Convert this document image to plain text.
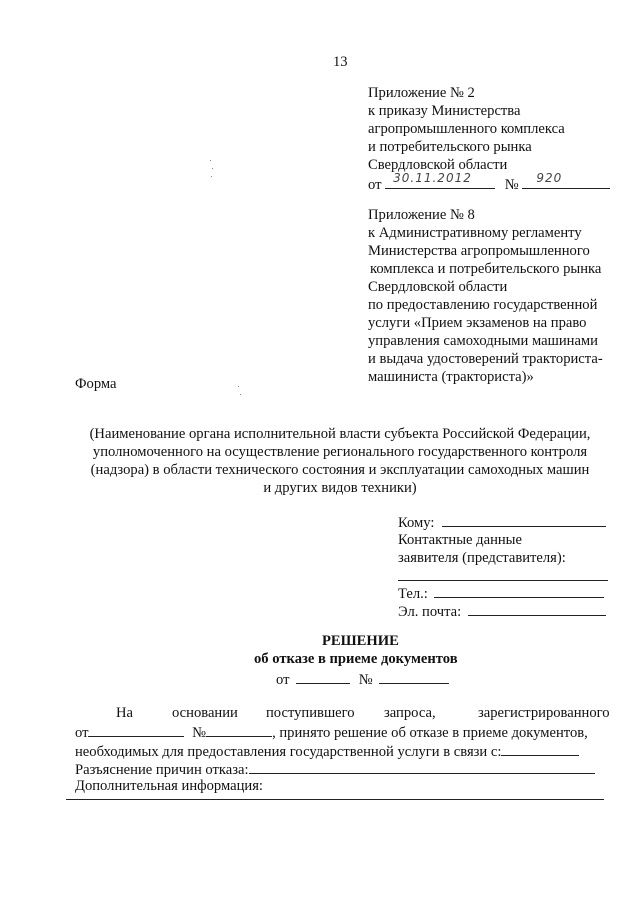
13
Приложение № 2
к приказу Министерства
агропромышленного комплекса
и потребительского рынка
Свердловской области
от 30.11.2012 № 920
Приложение № 8
к Административному регламенту
Министерства агропромышленного
комплекса и потребительского рынка
Свердловской области
по предоставлению государственной
услуги «Прием экзаменов на право
управления самоходными машинами
и выдача удостоверений тракториста-
машиниста (тракториста)»
Форма
(Наименование органа исполнительной власти субъекта Российской Федерации,
уполномоченного на осуществление регионального государственного контроля
(надзора) в области технического состояния и эксплуатации самоходных машин
и других видов техники)
Кому:
Контактные данные
заявителя (представителя):
Тел.:
Эл. почта:
РЕШЕНИЕ
об отказе в приеме документов
от	№
На	основании поступившего запроса,	зарегистрированного
от	№	, принято решение об отказе в приеме документов,
необходимых для предоставления государственной услуги в связи с:
Разъяснение причин отказа:
Дополнительная информация:
